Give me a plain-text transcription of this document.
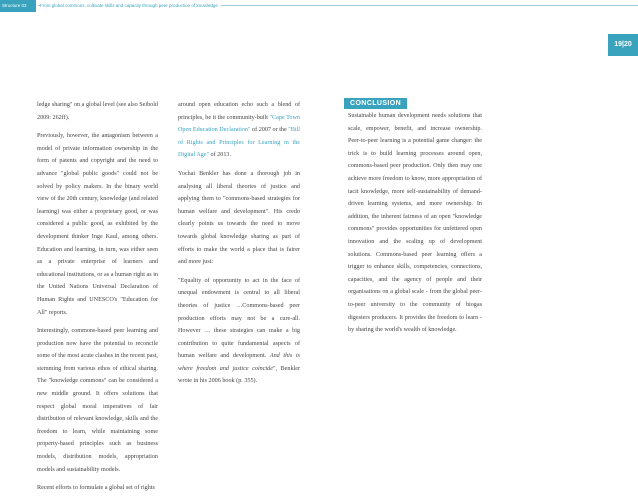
Structure 03	From global commons, cultivate skills and capacity through peer production of knowledge
19|20

ledge sharing" on a global level (see also Seibold 2009: 262ff).

Previously, however, the antagonism between a model of private information ownership in the form of patents and copyright and the need to advance "global public goods" could not be solved by policy makers. In the binary world view of the 20th century, knowledge (and related learning) was either a proprietary good, or was considered a public good, as exhibited by the development thinker Inge Kaul, among others. Education and learning, in turn, was either seen as a private enterprise of learners and educational institutions, or as a human right as in the United Nations Universal Declaration of Human Rights and UNESCO's "Education for All" reports.

Interestingly, commons-based peer learning and production now have the potential to reconcile some of the most acute clashes in the recent past, stemming from various ethos of ethical sharing. The "knowledge commons" can be considered a new middle ground. It offers solutions that respect global moral imperatives of fair distribution of relevant knowledge, skills and the freedom to learn, while maintaining some property-based principles such as business models, distribution models, appropriation models and sustainability models.

Recent efforts to formulate a global set of rights

around open education echo such a blend of principles, be it the community-built "Cape Town Open Education Declaration" of 2007 or the "Bill of Rights and Principles for Learning in the Digital Age" of 2013.

Yochai Benkler has done a thorough job in analysing all liberal theories of justice and applying them to "commons-based strategies for human welfare and development". His credo clearly points us towards the need to move towards global knowledge sharing as part of efforts to make the world a place that is fairer and more just:

"Equality of opportunity to act in the face of unequal endowment is central to all liberal theories of justice …Commons-based peer production efforts may not be a cure-all. However … these strategies can make a big contribution to quite fundamental aspects of human welfare and development. And this is where freedom and justice coincide", Benkler wrote in his 2006 book (p. 355).

CONCLUSION

Sustainable human development needs solutions that scale, empower, benefit, and increase ownership. Peer-to-peer learning is a potential game changer: the trick is to build learning processes around open, commons-based peer production. Only then may one achieve more freedom to know, more appropriation of tacit knowledge, more self-sustainability of demand-driven learning systems, and more ownership. In addition, the inherent fairness of an open "knowledge commons" provides opportunities for unfettered open innovation and the scaling up of development solutions. Commons-based peer learning offers a trigger to enhance skills, competencies, connections, capacities, and the agency of people and their organisations on a global scale - from the global peer-to-peer university to the community of biogas digesters producers. It provides the freedom to learn - by sharing the world's wealth of knowledge.
